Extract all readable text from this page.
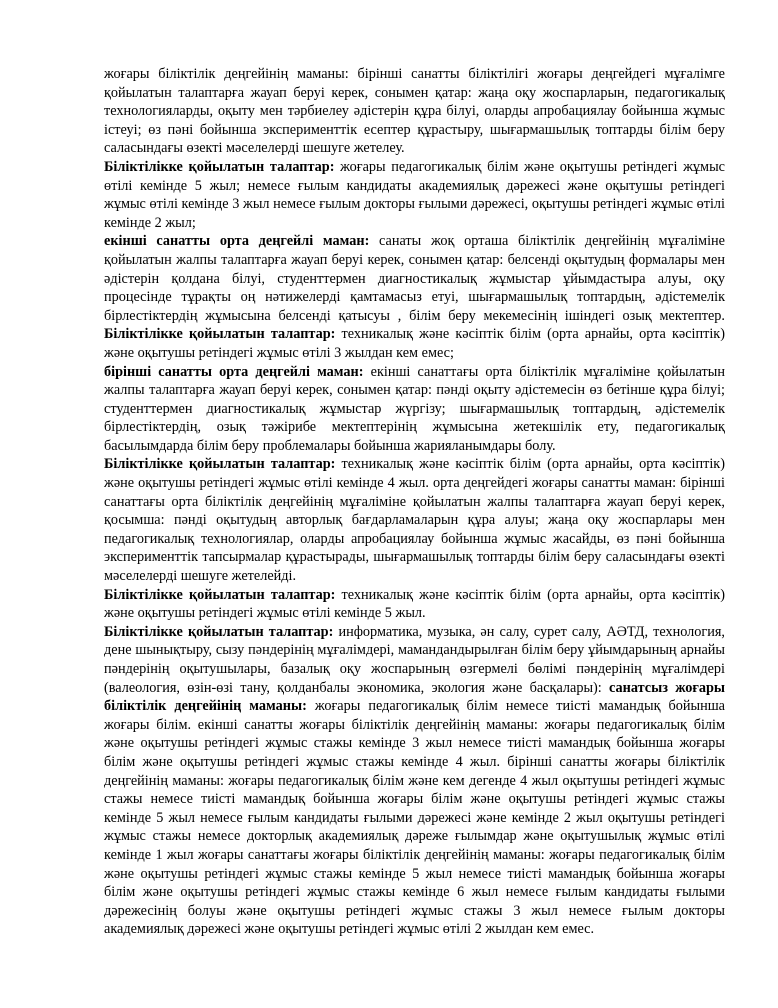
жоғары біліктілік деңгейінің маманы: бірінші санатты біліктілігі жоғары деңгейдегі мұғалімге қойылатын талаптарға жауап беруі керек, сонымен қатар: жаңа оқу жоспарларын, педагогикалық технологияларды, оқыту мен тәрбиелеу әдістерін құра білуі, оларды апробациялау бойынша жұмыс істеуі; өз пәні бойынша эксперименттік есептер құрастыру, шығармашылық топтарды білім беру саласындағы өзекті мәселелерді шешуге жетелеу.

Біліктілікке қойылатын талаптар: жоғары педагогикалық білім және оқытушы ретіндегі жұмыс өтілі кемінде 5 жыл; немесе ғылым кандидаты академиялық дәрежесі және оқытушы ретіндегі жұмыс өтілі кемінде 3 жыл немесе ғылым докторы ғылыми дәрежесі, оқытушы ретіндегі жұмыс өтілі кемінде 2 жыл;

екінші санатты орта деңгейлі маман: санаты жоқ орташа біліктілік деңгейінің мұғаліміне қойылатын жалпы талаптарға жауап беруі керек, сонымен қатар: белсенді оқытудың формалары мен әдістерін қолдана білуі, студенттермен диагностикалық жұмыстар ұйымдастыра алуы, оқу процесінде тұрақты оң нәтижелерді қамтамасыз етуі, шығармашылық топтардың, әдістемелік бірлестіктердің жұмысына белсенді қатысуы , білім беру мекемесінің ішіндегі озық мектептер. Біліктілікке қойылатын талаптар: техникалық және кәсіптік білім (орта арнайы, орта кәсіптік) және оқытушы ретіндегі жұмыс өтілі 3 жылдан кем емес;

бірінші санатты орта деңгейлі маман: екінші санаттағы орта біліктілік мұғаліміне қойылатын жалпы талаптарға жауап беруі керек, сонымен қатар: пәнді оқыту әдістемесін өз бетінше құра білуі; студенттермен диагностикалық жұмыстар жүргізу; шығармашылық топтардың, әдістемелік бірлестіктердің, озық тәжірибе мектептерінің жұмысына жетекшілік ету, педагогикалық басылымдарда білім беру проблемалары бойынша жарияланымдары болу.

Біліктілікке қойылатын талаптар: техникалық және кәсіптік білім (орта арнайы, орта кәсіптік) және оқытушы ретіндегі жұмыс өтілі кемінде 4 жыл. орта деңгейдегі жоғары санатты маман: бірінші санаттағы орта біліктілік деңгейінің мұғаліміне қойылатын жалпы талаптарға жауап беруі керек, қосымша: пәнді оқытудың авторлық бағдарламаларын құра алуы; жаңа оқу жоспарлары мен педагогикалық технологиялар, оларды апробациялау бойынша жұмыс жасайды, өз пәні бойынша эксперименттік тапсырмалар құрастырады, шығармашылық топтарды білім беру саласындағы өзекті мәселелерді шешуге жетелейді.

Біліктілікке қойылатын талаптар: техникалық және кәсіптік білім (орта арнайы, орта кәсіптік) және оқытушы ретіндегі жұмыс өтілі кемінде 5 жыл.

Біліктілікке қойылатын талаптар: информатика, музыка, ән салу, сурет салу, АӘТД, технология, дене шынықтыру, сызу пәндерінің мұғалімдері, мамандандырылған білім беру ұйымдарының арнайы пәндерінің оқытушылары, базалық оқу жоспарының өзгермелі бөлімі пәндерінің мұғалімдері (валеология, өзін-өзі тану, қолданбалы экономика, экология және басқалары): санатсыз жоғары біліктілік деңгейінің маманы: жоғары педагогикалық білім немесе тиісті мамандық бойынша жоғары білім. екінші санатты жоғары біліктілік деңгейінің маманы: жоғары педагогикалық білім және оқытушы ретіндегі жұмыс стажы кемінде 3 жыл немесе тиісті мамандық бойынша жоғары білім және оқытушы ретіндегі жұмыс стажы кемінде 4 жыл. бірінші санатты жоғары біліктілік деңгейінің маманы: жоғары педагогикалық білім және кем дегенде 4 жыл оқытушы ретіндегі жұмыс стажы немесе тиісті мамандық бойынша жоғары білім және оқытушы ретіндегі жұмыс стажы кемінде 5 жыл немесе ғылым кандидаты ғылыми дәрежесі және кемінде 2 жыл оқытушы ретіндегі жұмыс стажы немесе докторлық академиялық дәреже ғылымдар және оқытушылық жұмыс өтілі кемінде 1 жыл жоғары санаттағы жоғары біліктілік деңгейінің маманы: жоғары педагогикалық білім және оқытушы ретіндегі жұмыс стажы кемінде 5 жыл немесе тиісті мамандық бойынша жоғары білім және оқытушы ретіндегі жұмыс стажы кемінде 6 жыл немесе ғылым кандидаты ғылыми дәрежесінің болуы және оқытушы ретіндегі жұмыс стажы 3 жыл немесе ғылым докторы академиялық дәрежесі және оқытушы ретіндегі жұмыс өтілі 2 жылдан кем емес.
